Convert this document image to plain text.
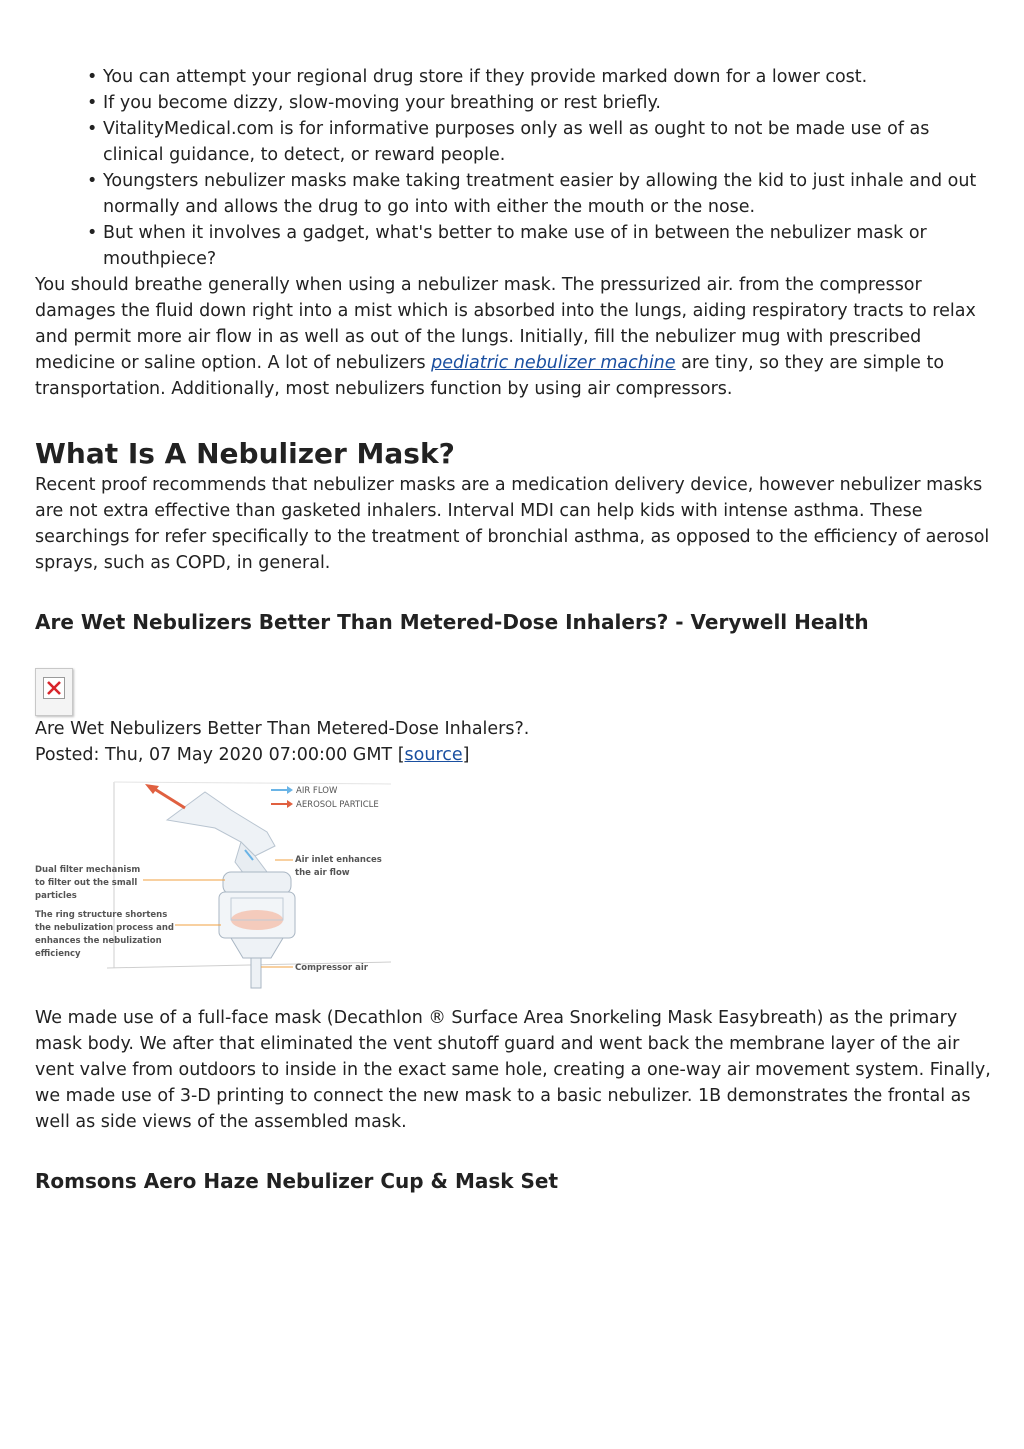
• You can attempt your regional drug store if they provide marked down for a lower cost.
• If you become dizzy, slow-moving your breathing or rest briefly.
• VitalityMedical.com is for informative purposes only as well as ought to not be made use of as clinical guidance, to detect, or reward people.
• Youngsters nebulizer masks make taking treatment easier by allowing the kid to just inhale and out normally and allows the drug to go into with either the mouth or the nose.
• But when it involves a gadget, what's better to make use of in between the nebulizer mask or mouthpiece?

You should breathe generally when using a nebulizer mask. The pressurized air. from the compressor damages the fluid down right into a mist which is absorbed into the lungs, aiding respiratory tracts to relax and permit more air flow in as well as out of the lungs. Initially, fill the nebulizer mug with prescribed medicine or saline option. A lot of nebulizers pediatric nebulizer machine are tiny, so they are simple to transportation. Additionally, most nebulizers function by using air compressors.

What Is A Nebulizer Mask?

Recent proof recommends that nebulizer masks are a medication delivery device, however nebulizer masks are not extra effective than gasketed inhalers. Interval MDI can help kids with intense asthma. These searchings for refer specifically to the treatment of bronchial asthma, as opposed to the efficiency of aerosol sprays, such as COPD, in general.

Are Wet Nebulizers Better Than Metered-Dose Inhalers? - Verywell Health

Are Wet Nebulizers Better Than Metered-Dose Inhalers?.

Posted: Thu, 07 May 2020 07:00:00 GMT [source]

AIR FLOW
AEROSOL PARTICLE
Dual filter mechanism to filter out the small particles
The ring structure shortens the nebulization process and enhances the nebulization efficiency
Air inlet enhances the air flow
Compressor air

We made use of a full-face mask (Decathlon ® Surface Area Snorkeling Mask Easybreath) as the primary mask body. We after that eliminated the vent shutoff guard and went back the membrane layer of the air vent valve from outdoors to inside in the exact same hole, creating a one-way air movement system. Finally, we made use of 3-D printing to connect the new mask to a basic nebulizer. 1B demonstrates the frontal as well as side views of the assembled mask.

Romsons Aero Haze Nebulizer Cup & Mask Set
